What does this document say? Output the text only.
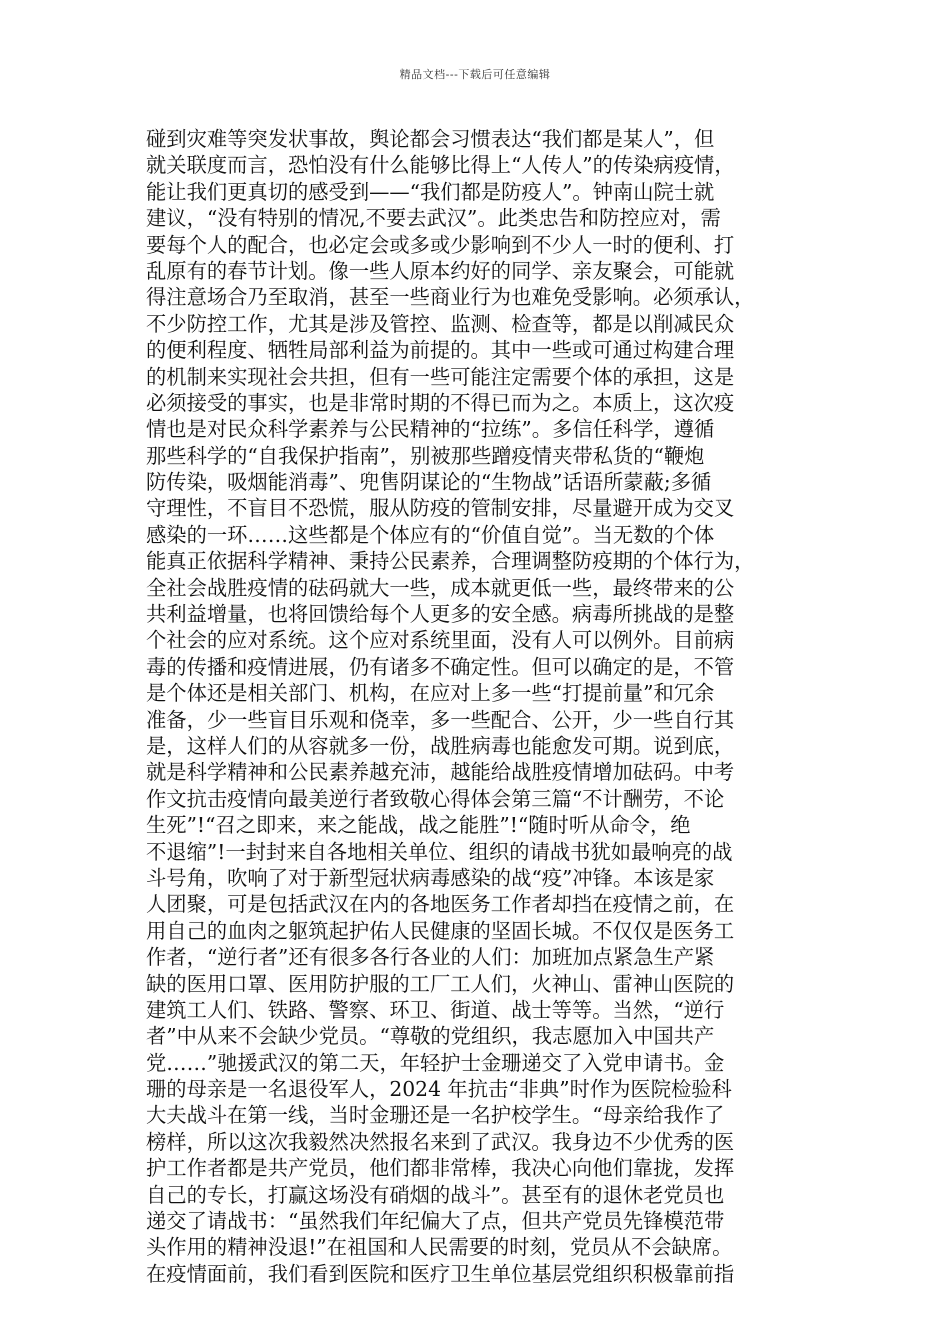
精品文档---下载后可任意编辑
碰到灾难等突发状事故，舆论都会习惯表达“我们都是某人”，但
就关联度而言，恐怕没有什么能够比得上“人传人”的传染病疫情，
能让我们更真切的感受到——“我们都是防疫人”。钟南山院士就
建议，“没有特别的情况,不要去武汉”。此类忠告和防控应对，需
要每个人的配合，也必定会或多或少影响到不少人一时的便利、打
乱原有的春节计划。像一些人原本约好的同学、亲友聚会，可能就
得注意场合乃至取消，甚至一些商业行为也难免受影响。必须承认，
不少防控工作，尤其是涉及管控、监测、检查等，都是以削减民众
的便利程度、牺牲局部利益为前提的。其中一些或可通过构建合理
的机制来实现社会共担，但有一些可能注定需要个体的承担，这是
必须接受的事实，也是非常时期的不得已而为之。本质上，这次疫
情也是对民众科学素养与公民精神的“拉练”。多信任科学，遵循
那些科学的“自我保护指南”，别被那些蹭疫情夹带私货的“鞭炮
防传染，吸烟能消毒”、兜售阴谋论的“生物战”话语所蒙蔽;多循
守理性，不盲目不恐慌，服从防疫的管制安排，尽量避开成为交叉
感染的一环……这些都是个体应有的“价值自觉”。当无数的个体
能真正依据科学精神、秉持公民素养，合理调整防疫期的个体行为，
全社会战胜疫情的砝码就大一些，成本就更低一些，最终带来的公
共利益增量，也将回馈给每个人更多的安全感。病毒所挑战的是整
个社会的应对系统。这个应对系统里面，没有人可以例外。目前病
毒的传播和疫情进展，仍有诸多不确定性。但可以确定的是，不管
是个体还是相关部门、机构，在应对上多一些“打提前量”和冗余
准备，少一些盲目乐观和侥幸，多一些配合、公开，少一些自行其
是，这样人们的从容就多一份，战胜病毒也能愈发可期。说到底，
就是科学精神和公民素养越充沛，越能给战胜疫情增加砝码。中考
作文抗击疫情向最美逆行者致敬心得体会第三篇“不计酬劳，不论
生死”!“召之即来，来之能战，战之能胜”!“随时听从命令，绝
不退缩”!一封封来自各地相关单位、组织的请战书犹如最响亮的战
斗号角，吹响了对于新型冠状病毒感染的战“疫”冲锋。本该是家
人团聚，可是包括武汉在内的各地医务工作者却挡在疫情之前，在
用自己的血肉之躯筑起护佑人民健康的坚固长城。不仅仅是医务工
作者，“逆行者”还有很多各行各业的人们：加班加点紧急生产紧
缺的医用口罩、医用防护服的工厂工人们，火神山、雷神山医院的
建筑工人们、铁路、警察、环卫、街道、战士等等。当然，“逆行
者”中从来不会缺少党员。“尊敬的党组织，我志愿加入中国共产
党……”驰援武汉的第二天，年轻护士金珊递交了入党申请书。金
珊的母亲是一名退役军人，2024 年抗击“非典”时作为医院检验科
大夫战斗在第一线，当时金珊还是一名护校学生。“母亲给我作了
榜样，所以这次我毅然决然报名来到了武汉。我身边不少优秀的医
护工作者都是共产党员，他们都非常棒，我决心向他们靠拢，发挥
自己的专长，打赢这场没有硝烟的战斗”。甚至有的退休老党员也
递交了请战书：“虽然我们年纪偏大了点，但共产党员先锋模范带
头作用的精神没退!”在祖国和人民需要的时刻，党员从不会缺席。
在疫情面前，我们看到医院和医疗卫生单位基层党组织积极靠前指
